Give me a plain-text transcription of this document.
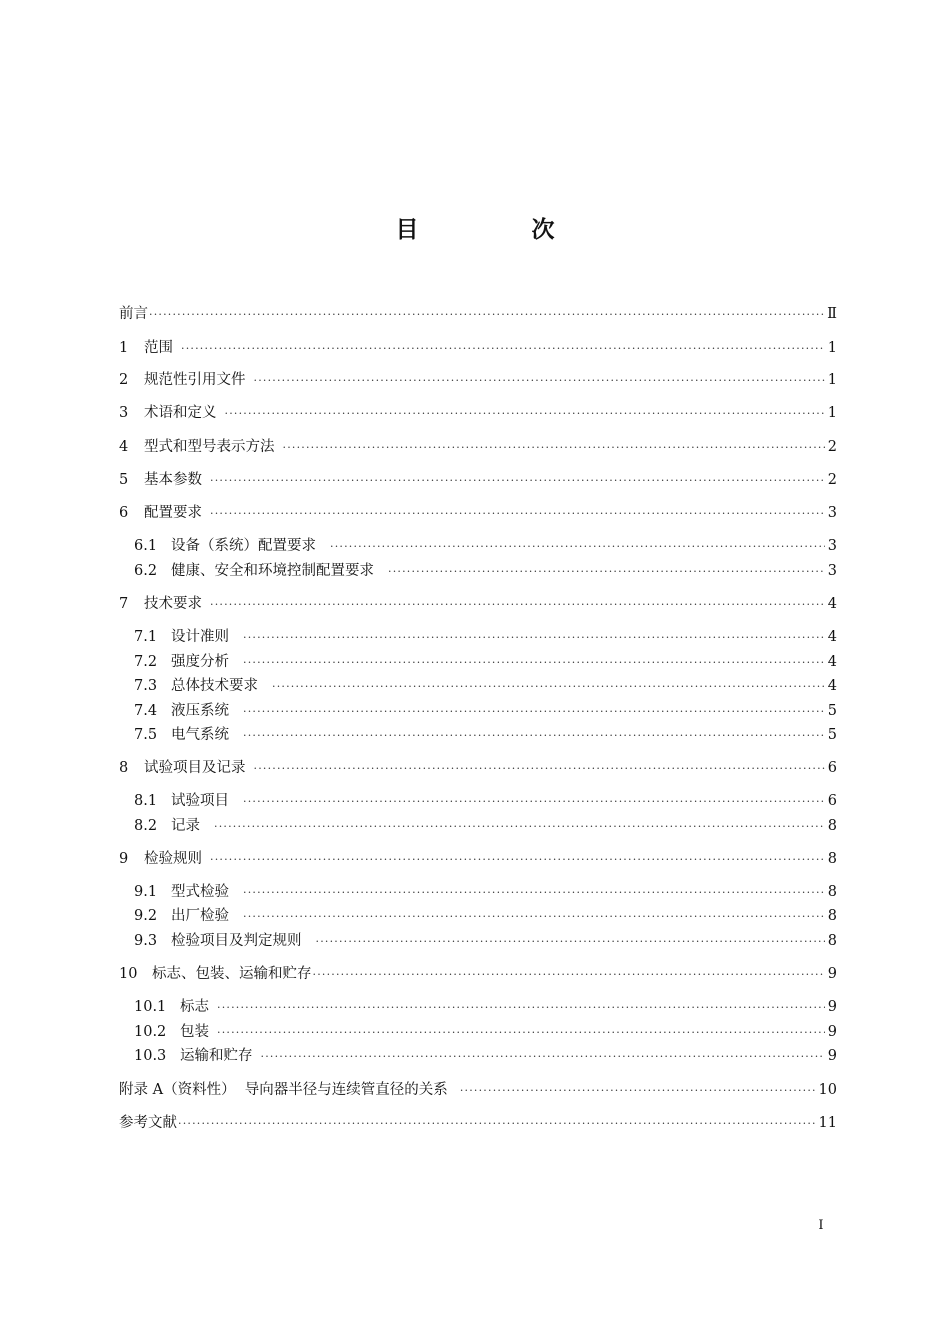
目　次
前言 ·····	Ⅱ
1	范围 ·····	1
2	规范性引用文件 ·····	1
3	术语和定义 ·····	1
4	型式和型号表示方法 ·····	2
5	基本参数 ·····	2
6	配置要求 ·····	3
6.1 设备（系统）配置要求 ·····	3
6.2 健康、安全和环境控制配置要求 ·····	3
7	技术要求 ·····	4
7.1 设计准则 ·····	4
7.2 强度分析 ·····	4
7.3 总体技术要求 ·····	4
7.4 液压系统 ·····	5
7.5 电气系统 ·····	5
8	试验项目及记录 ·····	6
8.1 试验项目 ·····	6
8.2 记录 ·····	8
9	检验规则 ·····	8
9.1 型式检验 ·····	8
9.2 出厂检验 ·····	8
9.3 检验项目及判定规则 ·····	8
10	标志、包装、运输和贮存 ·····	9
10.1 标志 ·····	9
10.2 包装 ·····	9
10.3 运输和贮存 ·····	9
附录 A（资料性）  导向器半径与连续管直径的关系 ·····	10
参考文献 ·····	11
I
